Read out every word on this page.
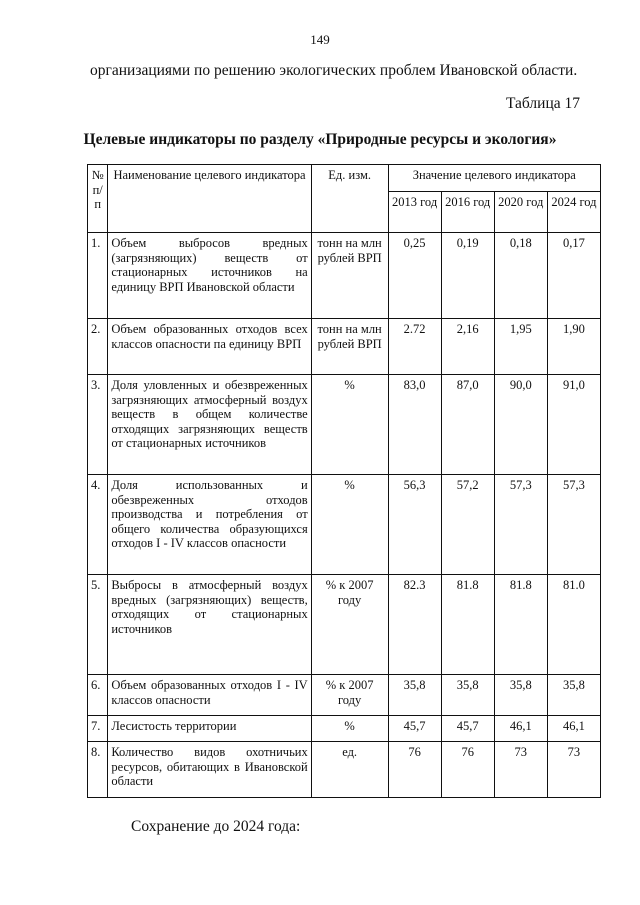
149
организациями по решению экологических проблем Ивановской области.
Таблица 17
Целевые индикаторы по разделу «Природные ресурсы и экология»
№ п/п	Наименование целевого индикатора	Ед. изм.	Значение целевого индикатора			
			2013 год	2016 год	2020 год	2024 год
1.	Объем выбросов вредных (загрязняющих) веществ от стационарных источников на единицу ВРП Ивановской области	тонн на млн рублей ВРП	0,25	0,19	0,18	0,17
2.	Объем образованных отходов всех классов опасности па единицу ВРП	тонн на млн рублей ВРП	2.72	2,16	1,95	1,90
3.	Доля уловленных и обезвреженных загрязняющих атмосферный воздух веществ в общем количестве отходящих загрязняющих веществ от стационарных источников	%	83,0	87,0	90,0	91,0
4.	Доля использованных и обезвреженных отходов производства и потребления от общего количества образующихся отходов I - IV классов опасности	%	56,3	57,2	57,3	57,3
5.	Выбросы в атмосферный воздух вредных (загрязняющих) веществ, отходящих от стационарных источников	% к 2007 году	82.3	81.8	81.8	81.0
6.	Объем образованных отходов I - IV классов опасности	% к 2007 году	35,8	35,8	35,8	35,8
7.	Лесистость территории	%	45,7	45,7	46,1	46,1
8.	Количество видов охотничьих ресурсов, обитающих в Ивановской области	ед.	76	76	73	73
Сохранение до 2024 года:
